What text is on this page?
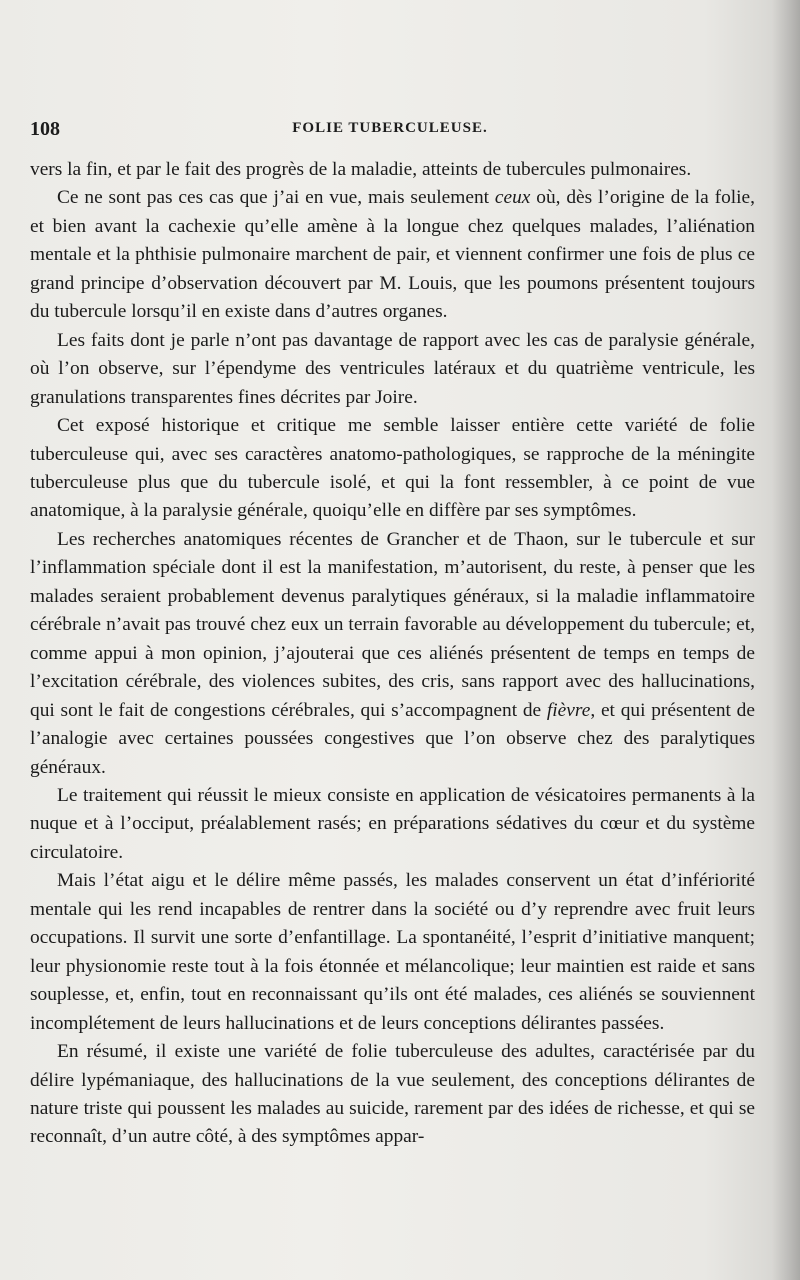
108	FOLIE TUBERCULEUSE.

vers la fin, et par le fait des progrès de la maladie, atteints de tubercules pulmonaires.

Ce ne sont pas ces cas que j’ai en vue, mais seulement ceux où, dès l’origine de la folie, et bien avant la cachexie qu’elle amène à la longue chez quelques malades, l’aliénation mentale et la phthisie pulmonaire marchent de pair, et viennent confirmer une fois de plus ce grand principe d’observation découvert par M. Louis, que les poumons présentent toujours du tubercule lorsqu’il en existe dans d’autres organes.

Les faits dont je parle n’ont pas davantage de rapport avec les cas de paralysie générale, où l’on observe, sur l’épendyme des ventricules latéraux et du quatrième ventricule, les granulations transparentes fines décrites par Joire.

Cet exposé historique et critique me semble laisser entière cette variété de folie tuberculeuse qui, avec ses caractères anatomo-pathologiques, se rapproche de la méningite tuberculeuse plus que du tubercule isolé, et qui la font ressembler, à ce point de vue anatomique, à la paralysie générale, quoiqu’elle en diffère par ses symptômes.

Les recherches anatomiques récentes de Grancher et de Thaon, sur le tubercule et sur l’inflammation spéciale dont il est la manifestation, m’autorisent, du reste, à penser que les malades seraient probablement devenus paralytiques généraux, si la maladie inflammatoire cérébrale n’avait pas trouvé chez eux un terrain favorable au développement du tubercule; et, comme appui à mon opinion, j’ajouterai que ces aliénés présentent de temps en temps de l’excitation cérébrale, des violences subites, des cris, sans rapport avec des hallucinations, qui sont le fait de congestions cérébrales, qui s’accompagnent de fièvre, et qui présentent de l’analogie avec certaines poussées congestives que l’on observe chez des paralytiques généraux.

Le traitement qui réussit le mieux consiste en application de vésicatoires permanents à la nuque et à l’occiput, préalablement rasés; en préparations sédatives du cœur et du système circulatoire.

Mais l’état aigu et le délire même passés, les malades conservent un état d’infériorité mentale qui les rend incapables de rentrer dans la société ou d’y reprendre avec fruit leurs occupations. Il survit une sorte d’enfantillage. La spontanéité, l’esprit d’initiative manquent; leur physionomie reste tout à la fois étonnée et mélancolique; leur maintien est raide et sans souplesse, et, enfin, tout en reconnaissant qu’ils ont été malades, ces aliénés se souviennent incomplétement de leurs hallucinations et de leurs conceptions délirantes passées.

En résumé, il existe une variété de folie tuberculeuse des adultes, caractérisée par du délire lypémaniaque, des hallucinations de la vue seulement, des conceptions délirantes de nature triste qui poussent les malades au suicide, rarement par des idées de richesse, et qui se reconnaît, d’un autre côté, à des symptômes appar-
